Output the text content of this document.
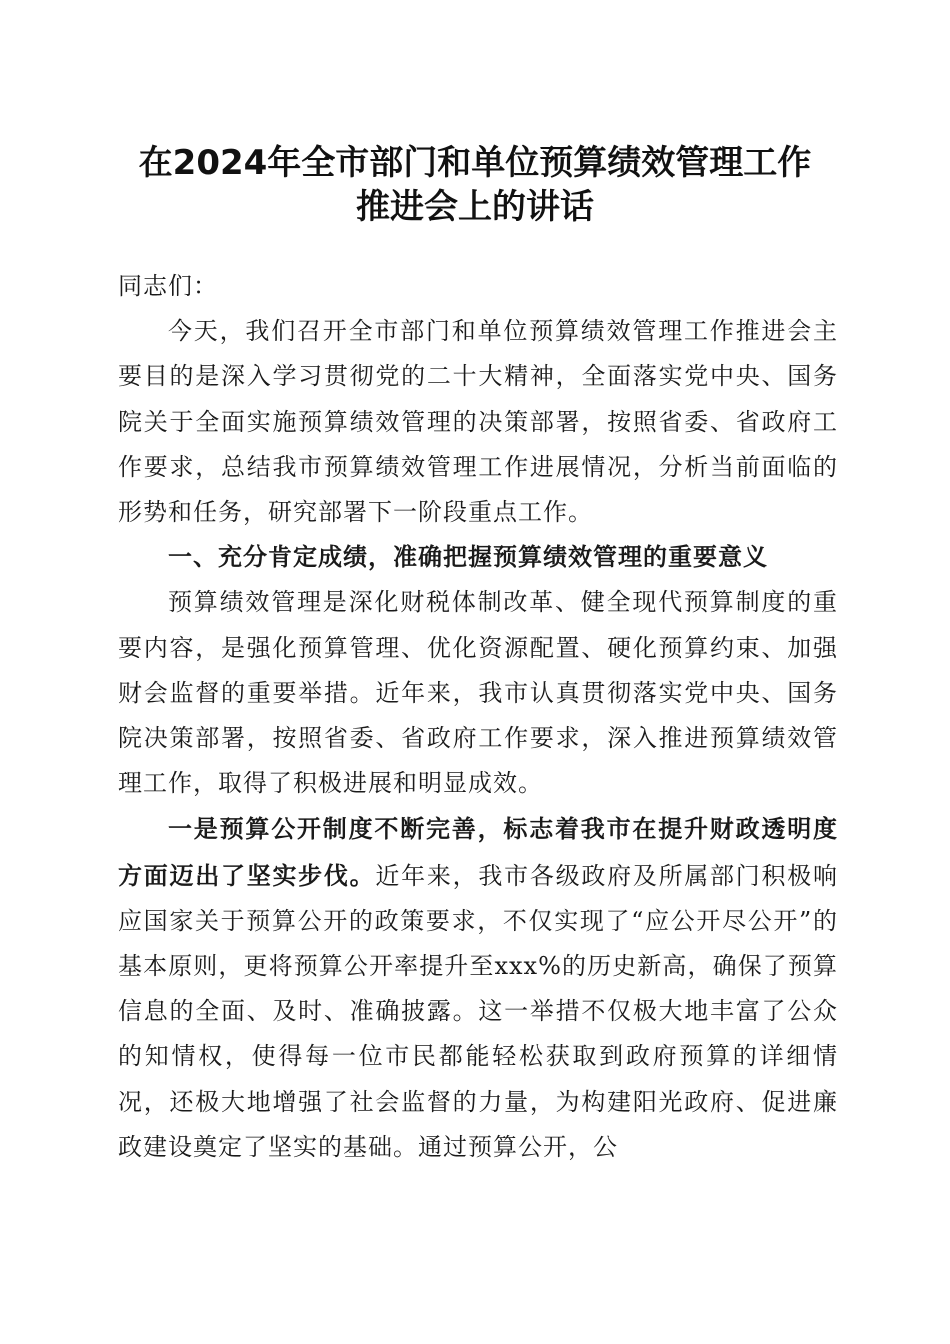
在2024年全市部门和单位预算绩效管理工作
推进会上的讲话

同志们：

今天，我们召开全市部门和单位预算绩效管理工作推进会主要目的是深入学习贯彻党的二十大精神，全面落实党中央、国务院关于全面实施预算绩效管理的决策部署，按照省委、省政府工作要求，总结我市预算绩效管理工作进展情况，分析当前面临的形势和任务，研究部署下一阶段重点工作。

一、充分肯定成绩，准确把握预算绩效管理的重要意义

预算绩效管理是深化财税体制改革、健全现代预算制度的重要内容，是强化预算管理、优化资源配置、硬化预算约束、加强财会监督的重要举措。近年来，我市认真贯彻落实党中央、国务院决策部署，按照省委、省政府工作要求，深入推进预算绩效管理工作，取得了积极进展和明显成效。

一是预算公开制度不断完善，标志着我市在提升财政透明度方面迈出了坚实步伐。近年来，我市各级政府及所属部门积极响应国家关于预算公开的政策要求，不仅实现了“应公开尽公开”的基本原则，更将预算公开率提升至xxx%的历史新高，确保了预算信息的全面、及时、准确披露。这一举措不仅极大地丰富了公众的知情权，使得每一位市民都能轻松获取到政府预算的详细情况，还极大地增强了社会监督的力量，为构建阳光政府、促进廉政建设奠定了坚实的基础。通过预算公开，公
